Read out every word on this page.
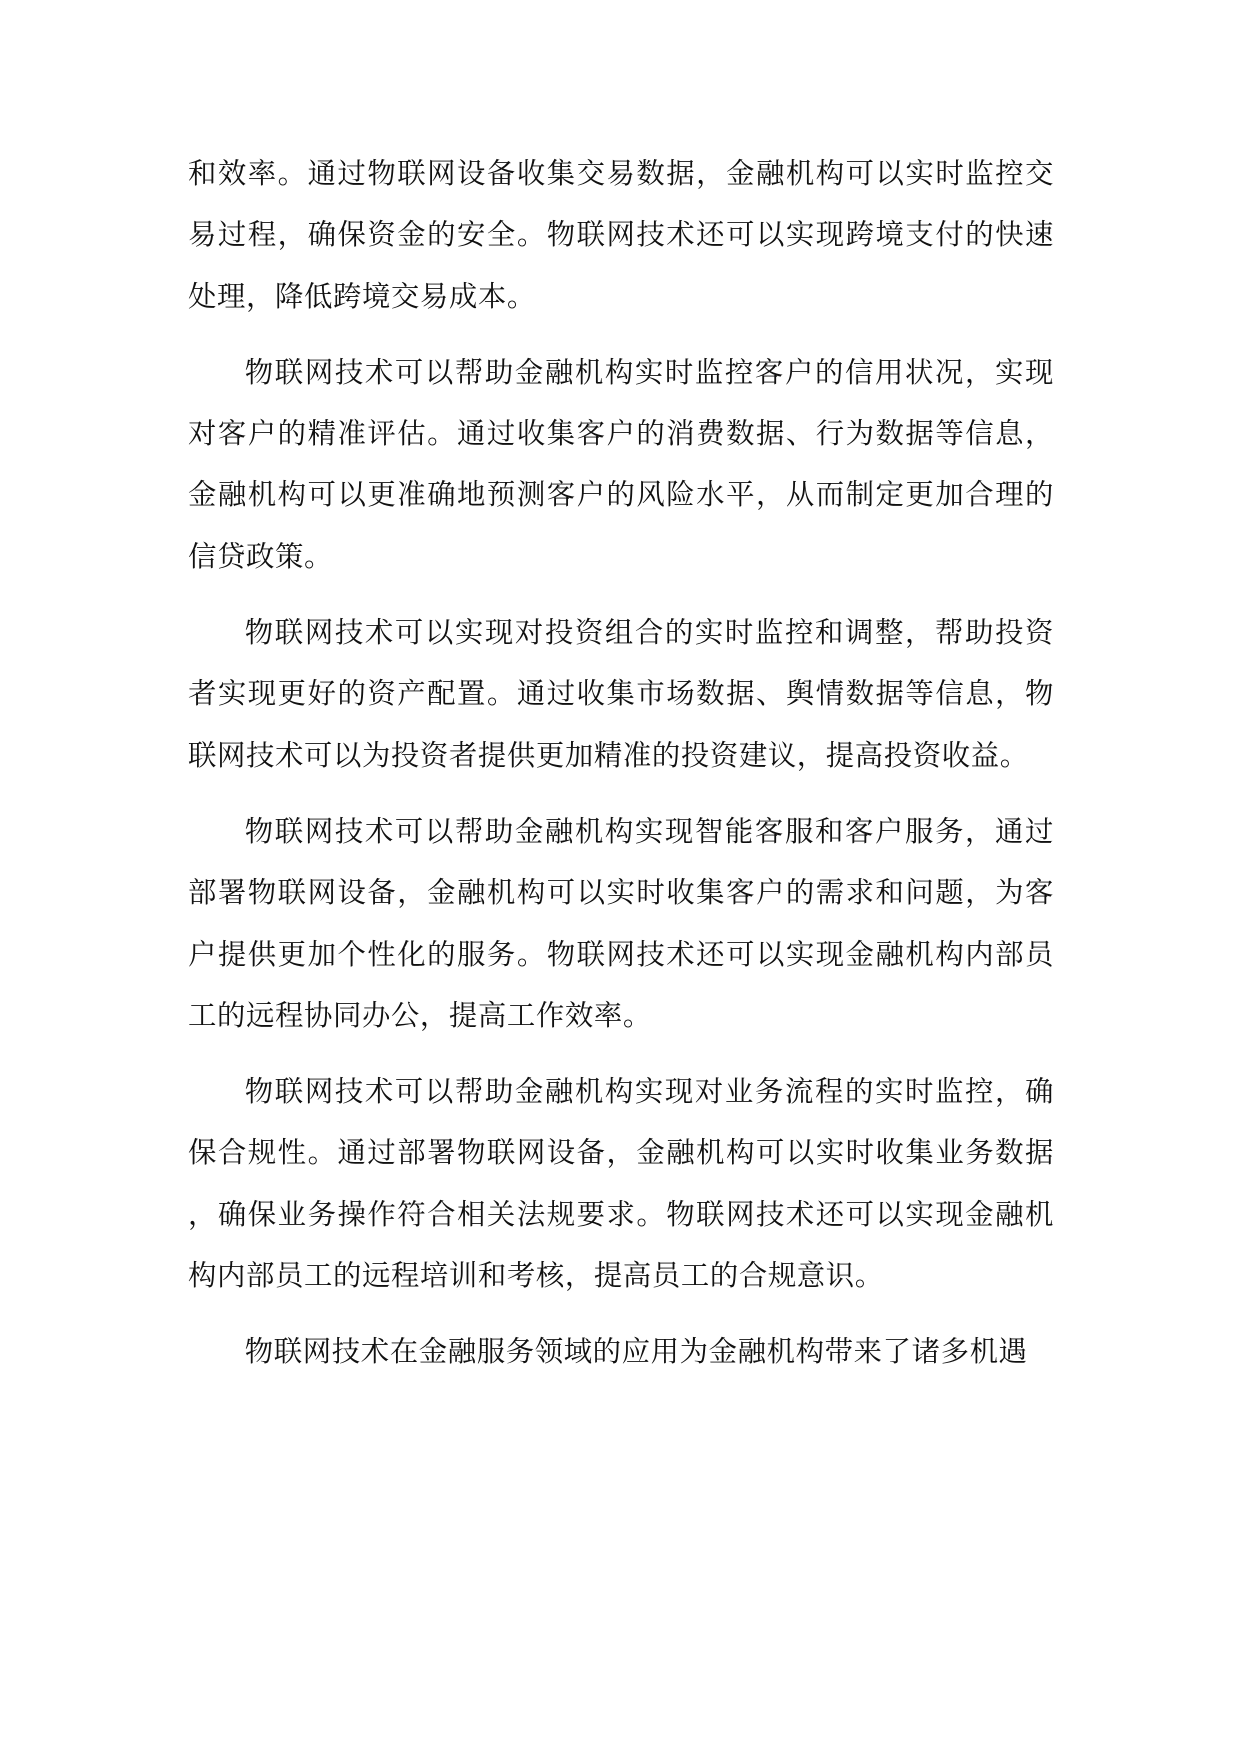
和效率。通过物联网设备收集交易数据，金融机构可以实时监控交易过程，确保资金的安全。物联网技术还可以实现跨境支付的快速处理，降低跨境交易成本。

物联网技术可以帮助金融机构实时监控客户的信用状况，实现对客户的精准评估。通过收集客户的消费数据、行为数据等信息，金融机构可以更准确地预测客户的风险水平，从而制定更加合理的信贷政策。

物联网技术可以实现对投资组合的实时监控和调整，帮助投资者实现更好的资产配置。通过收集市场数据、舆情数据等信息，物联网技术可以为投资者提供更加精准的投资建议，提高投资收益。

物联网技术可以帮助金融机构实现智能客服和客户服务，通过部署物联网设备，金融机构可以实时收集客户的需求和问题，为客户提供更加个性化的服务。物联网技术还可以实现金融机构内部员工的远程协同办公，提高工作效率。

物联网技术可以帮助金融机构实现对业务流程的实时监控，确保合规性。通过部署物联网设备，金融机构可以实时收集业务数据，确保业务操作符合相关法规要求。物联网技术还可以实现金融机构内部员工的远程培训和考核，提高员工的合规意识。

物联网技术在金融服务领域的应用为金融机构带来了诸多机遇
